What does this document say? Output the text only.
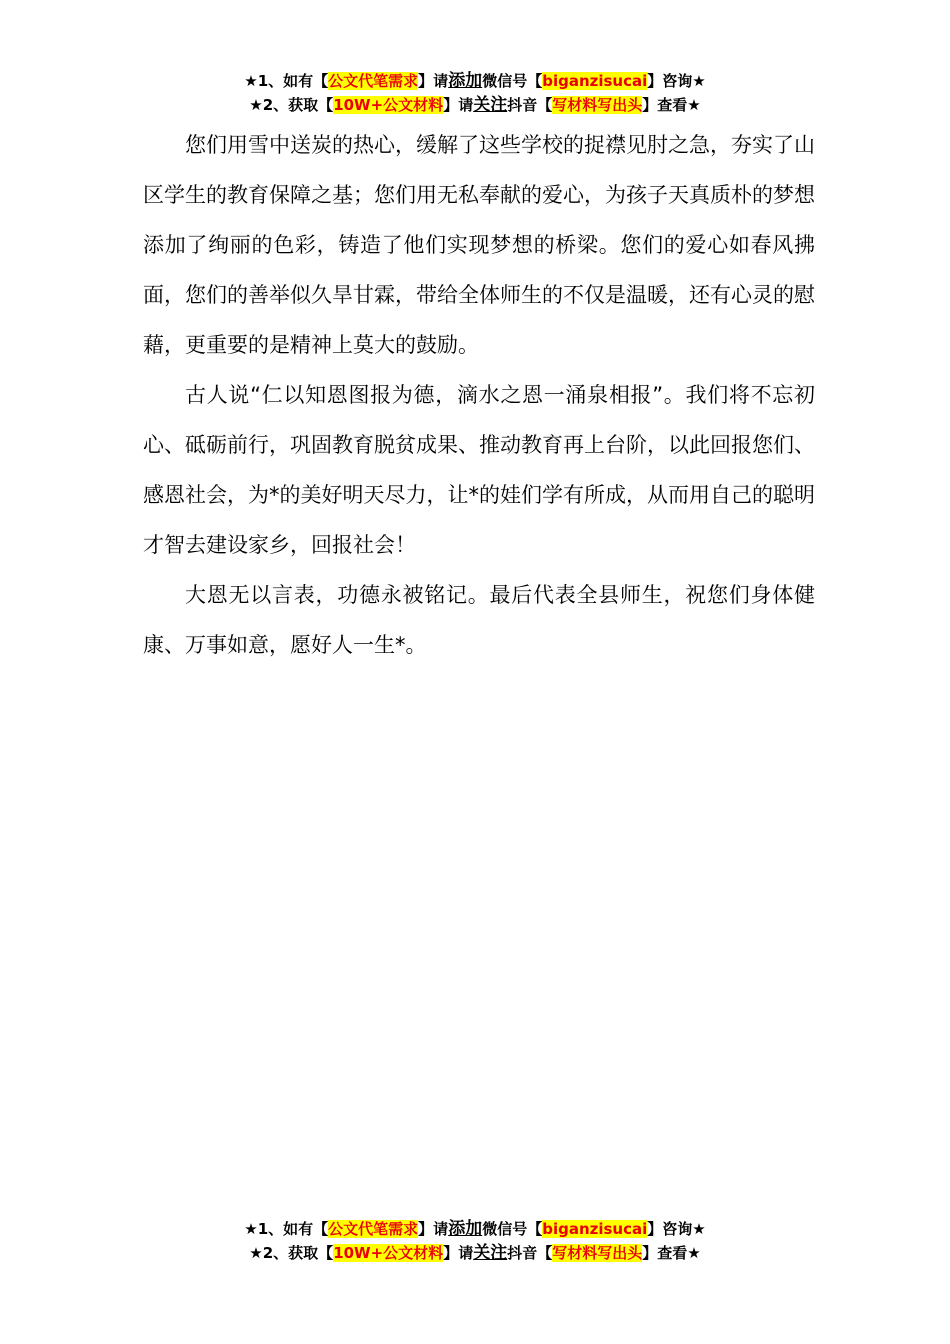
★1、如有【公文代笔需求】请添加微信号【biganzisucai】咨询★
★2、获取【10W+公文材料】请关注抖音【写材料写出头】查看★

您们用雪中送炭的热心，缓解了这些学校的捉襟见肘之急，夯实了山区学生的教育保障之基；您们用无私奉献的爱心，为孩子天真质朴的梦想添加了绚丽的色彩，铸造了他们实现梦想的桥梁。您们的爱心如春风拂面，您们的善举似久旱甘霖，带给全体师生的不仅是温暖，还有心灵的慰藉，更重要的是精神上莫大的鼓励。

古人说“仁以知恩图报为德，滴水之恩一涌泉相报”。我们将不忘初心、砥砺前行，巩固教育脱贫成果、推动教育再上台阶，以此回报您们、感恩社会，为*的美好明天尽力，让*的娃们学有所成，从而用自己的聪明才智去建设家乡，回报社会！

大恩无以言表，功德永被铭记。最后代表全县师生，祝您们身体健康、万事如意，愿好人一生*。

★1、如有【公文代笔需求】请添加微信号【biganzisucai】咨询★
★2、获取【10W+公文材料】请关注抖音【写材料写出头】查看★
